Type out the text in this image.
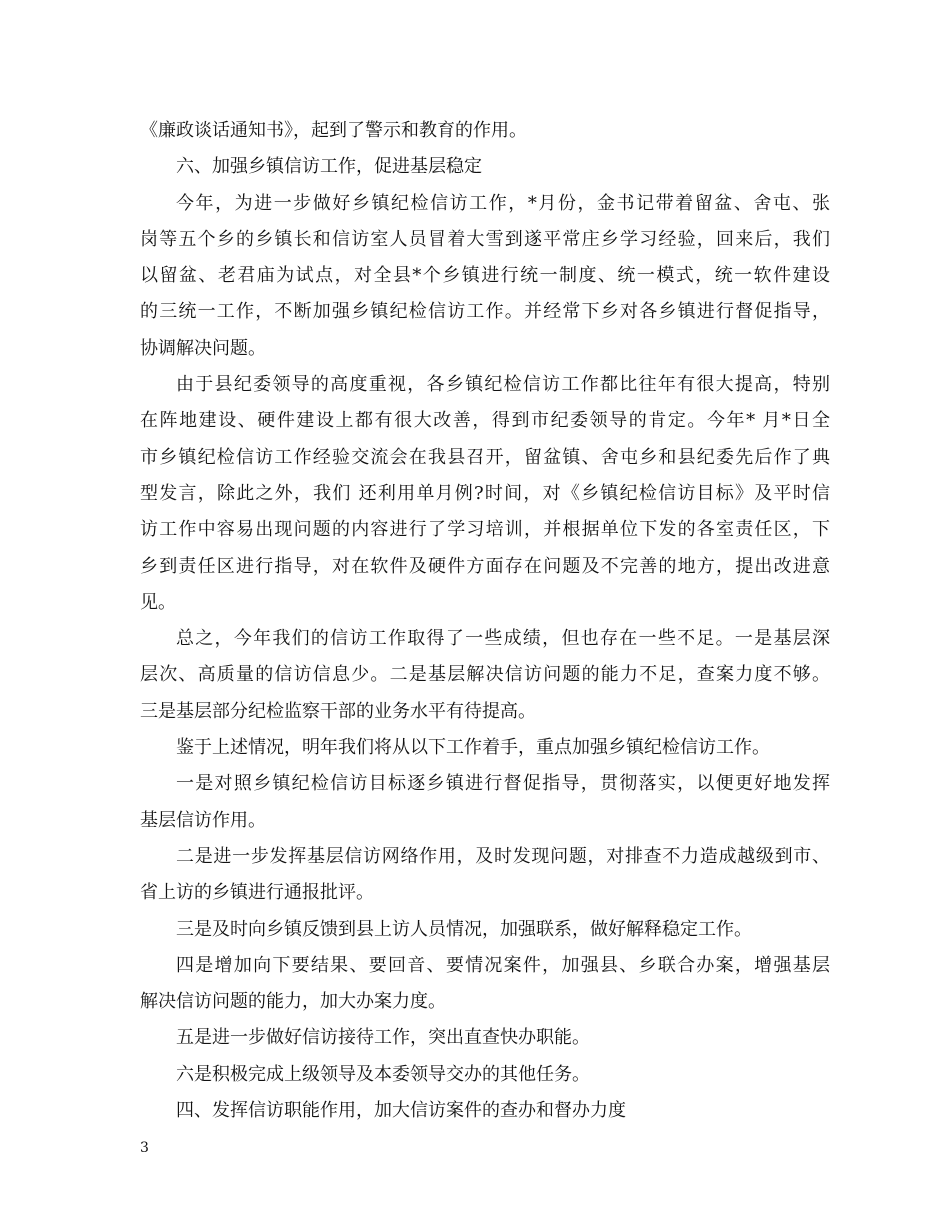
《廉政谈话通知书》，起到了警示和教育的作用。
六、加强乡镇信访工作，促进基层稳定
今年，为进一步做好乡镇纪检信访工作，*月份，金书记带着留盆、舍屯、张
岗等五个乡的乡镇长和信访室人员冒着大雪到遂平常庄乡学习经验，回来后，我们
以留盆、老君庙为试点，对全县*个乡镇进行统一制度、统一模式，统一软件建设
的三统一工作，不断加强乡镇纪检信访工作。并经常下乡对各乡镇进行督促指导，
协调解决问题。
由于县纪委领导的高度重视，各乡镇纪检信访工作都比往年有很大提高，特别
在阵地建设、硬件建设上都有很大改善，得到市纪委领导的肯定。今年* 月*日全
市乡镇纪检信访工作经验交流会在我县召开，留盆镇、舍屯乡和县纪委先后作了典
型发言，除此之外，我们 还利用单月例?时间，对《乡镇纪检信访目标》及平时信
访工作中容易出现问题的内容进行了学习培训，并根据单位下发的各室责任区，下
乡到责任区进行指导，对在软件及硬件方面存在问题及不完善的地方，提出改进意
见。
总之，今年我们的信访工作取得了一些成绩，但也存在一些不足。一是基层深
层次、高质量的信访信息少。二是基层解决信访问题的能力不足，查案力度不够。
三是基层部分纪检监察干部的业务水平有待提高。
鉴于上述情况，明年我们将从以下工作着手，重点加强乡镇纪检信访工作。
一是对照乡镇纪检信访目标逐乡镇进行督促指导，贯彻落实，以便更好地发挥
基层信访作用。
二是进一步发挥基层信访网络作用，及时发现问题，对排查不力造成越级到市、
省上访的乡镇进行通报批评。
三是及时向乡镇反馈到县上访人员情况，加强联系，做好解释稳定工作。
四是增加向下要结果、要回音、要情况案件，加强县、乡联合办案，增强基层
解决信访问题的能力，加大办案力度。
五是进一步做好信访接待工作，突出直查快办职能。
六是积极完成上级领导及本委领导交办的其他任务。
四、发挥信访职能作用，加大信访案件的查办和督办力度
3
